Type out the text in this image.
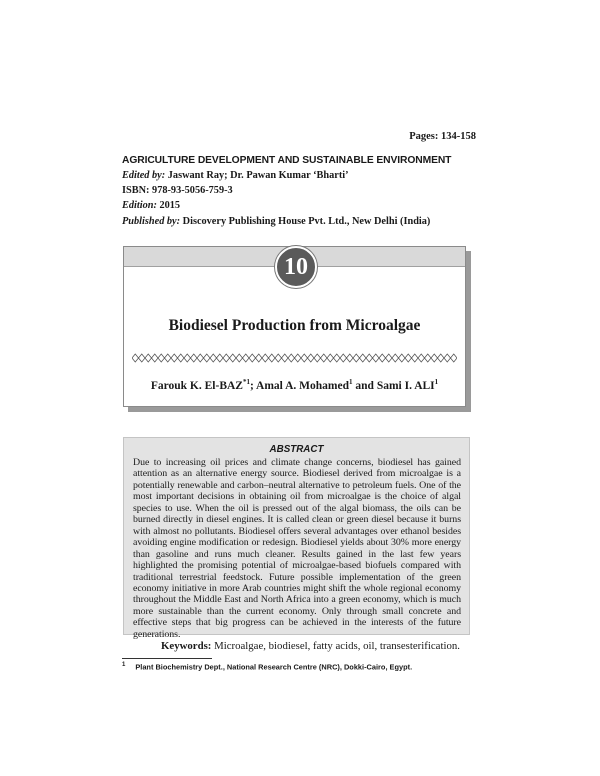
Pages: 134-158
AGRICULTURE DEVELOPMENT AND SUSTAINABLE ENVIRONMENT
Edited by: Jaswant Ray; Dr. Pawan Kumar ‘Bharti’
ISBN: 978-93-5056-759-3
Edition: 2015
Published by: Discovery Publishing House Pvt. Ltd., New Delhi (India)
10
Biodiesel Production from Microalgae
Farouk K. El-BAZ$^{*1}$; Amal A. Mohamed$^1$ and Sami I. ALI$^1$
ABSTRACT
Due to increasing oil prices and climate change concerns, biodiesel has gained attention as an alternative energy source. Biodiesel derived from microalgae is a potentially renewable and carbon–neutral alternative to petroleum fuels. One of the most important decisions in obtaining oil from microalgae is the choice of algal species to use. When the oil is pressed out of the algal biomass, the oils can be burned directly in diesel engines. It is called clean or green diesel because it burns with almost no pollutants. Biodiesel offers several advantages over ethanol besides avoiding engine modification or redesign. Biodiesel yields about 30% more energy than gasoline and runs much cleaner. Results gained in the last few years highlighted the promising potential of microalgae-based biofuels compared with traditional terrestrial feedstock. Future possible implementation of the green economy initiative in more Arab countries might shift the whole regional economy throughout the Middle East and North Africa into a green economy, which is much more sustainable than the current economy. Only through small concrete and effective steps that big progress can be achieved in the interests of the future generations.
Keywords: Microalgae, biodiesel, fatty acids, oil, transesterification.
$^1$ Plant Biochemistry Dept., National Research Centre (NRC), Dokki-Cairo, Egypt.
